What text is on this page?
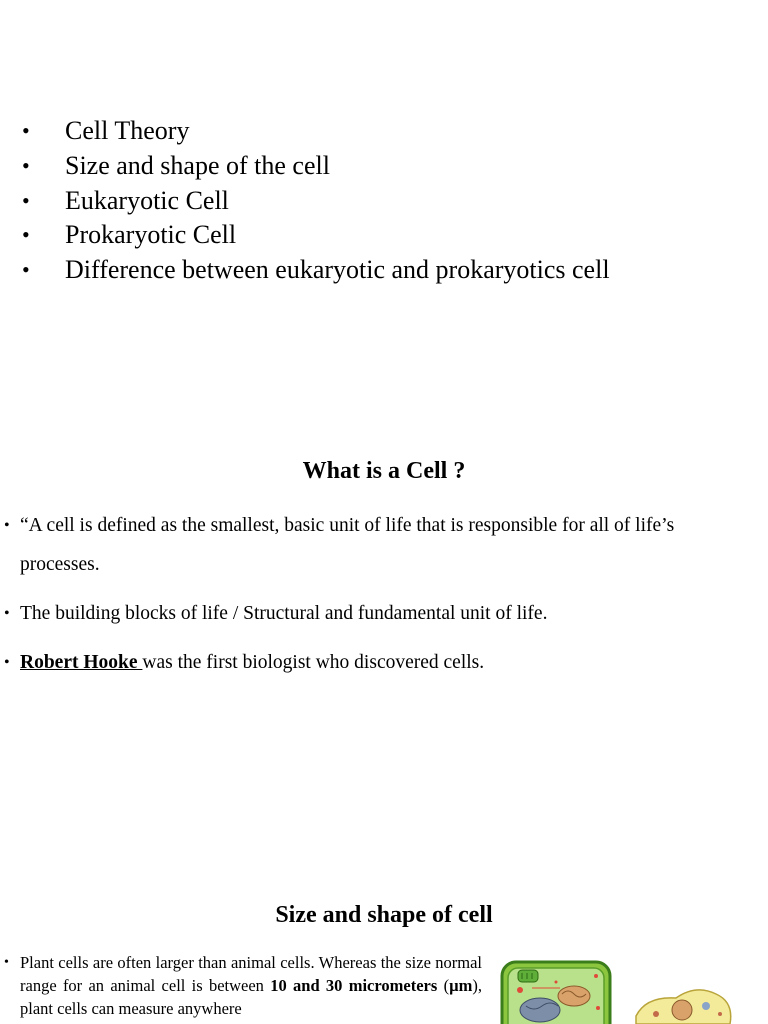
• Cell Theory
• Size and shape of the cell
• Eukaryotic Cell
• Prokaryotic Cell
• Difference between eukaryotic and prokaryotics cell
What is a Cell ?
• “A cell is defined as the smallest, basic unit of life that is responsible for all of life’s processes.
• The building blocks of life / Structural and fundamental unit of life.
• Robert Hooke was the first biologist who discovered cells.
Size and shape of cell
• Plant cells are often larger than animal cells. Whereas the size normal range for an animal cell is between 10 and 30 micrometers (µm), plant cells can measure anywhere
